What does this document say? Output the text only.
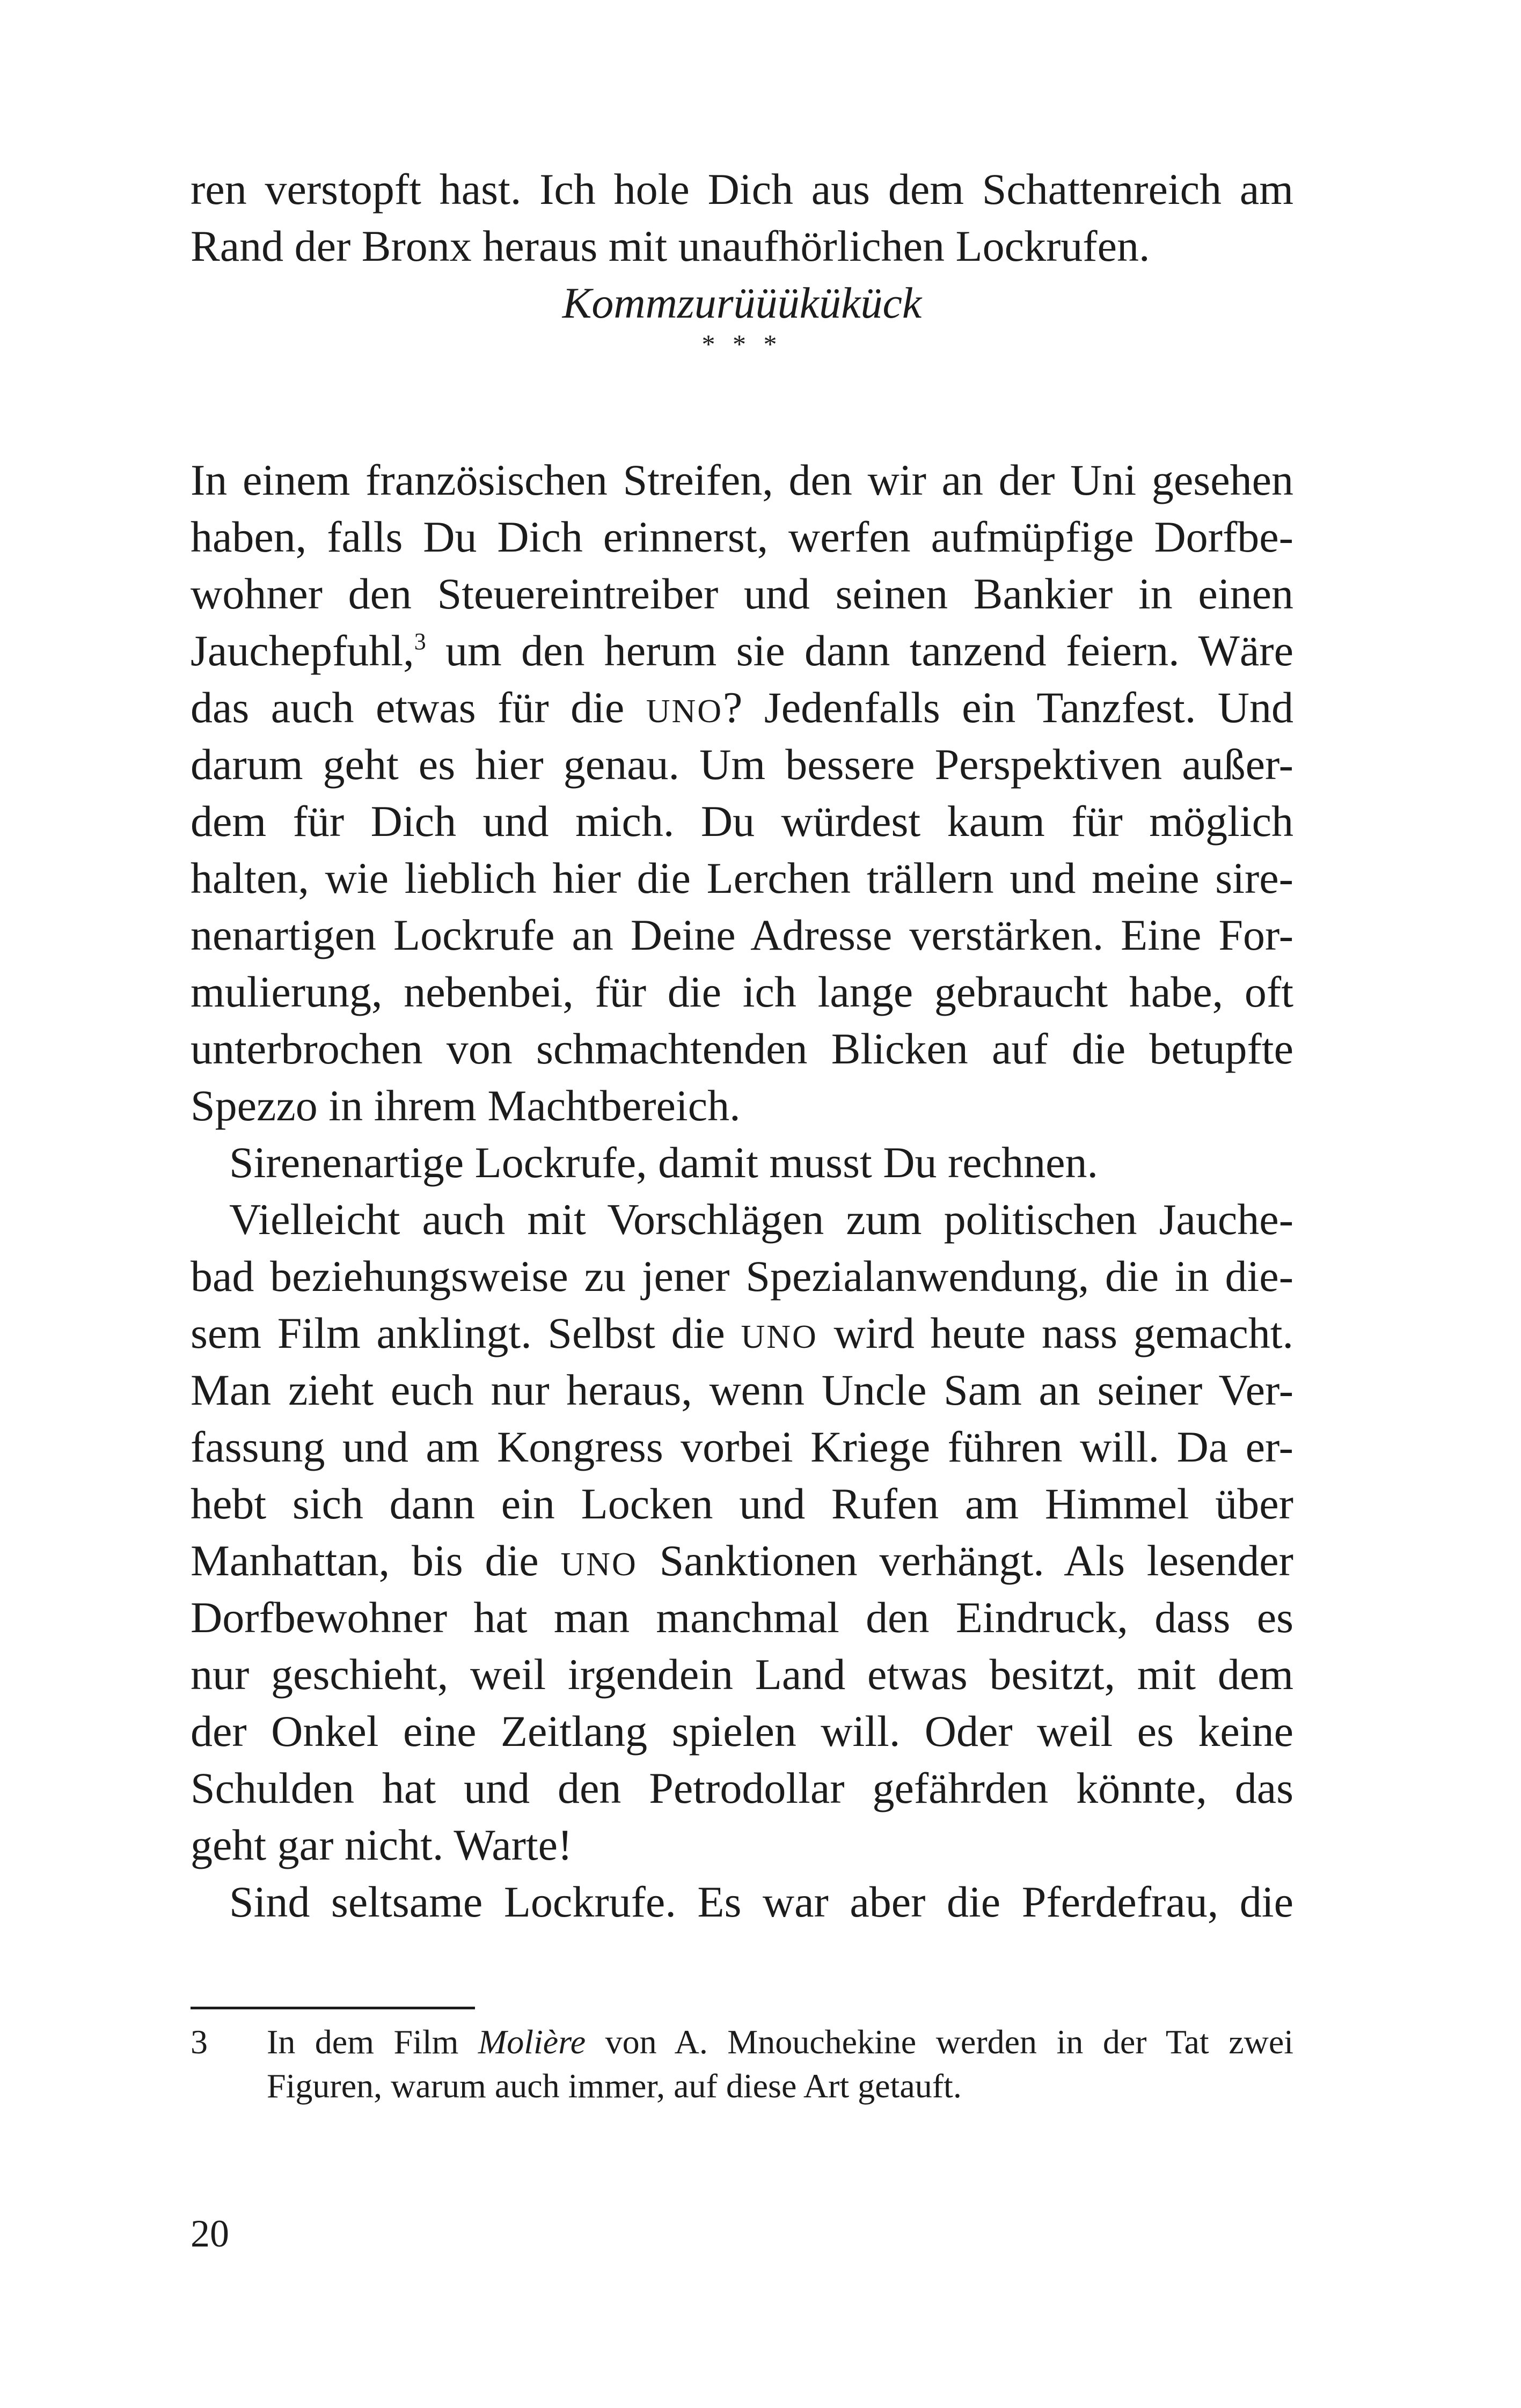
ren verstopft hast. Ich hole Dich aus dem Schattenreich am
Rand der Bronx heraus mit unaufhörlichen Lockrufen.
Kommzurüüükükück
* * *
In einem französischen Streifen, den wir an der Uni gesehen
haben, falls Du Dich erinnerst, werfen aufmüpfige Dorfbe-
wohner den Steuereintreiber und seinen Bankier in einen
Jauchepfuhl,$^3$ um den herum sie dann tanzend feiern. Wäre
das auch etwas für die UNO? Jedenfalls ein Tanzfest. Und
darum geht es hier genau. Um bessere Perspektiven außer-
dem für Dich und mich. Du würdest kaum für möglich
halten, wie lieblich hier die Lerchen trällern und meine sire-
nenartigen Lockrufe an Deine Adresse verstärken. Eine For-
mulierung, nebenbei, für die ich lange gebraucht habe, oft
unterbrochen von schmachtenden Blicken auf die betupfte
Spezzo in ihrem Machtbereich.
Sirenenartige Lockrufe, damit musst Du rechnen.
Vielleicht auch mit Vorschlägen zum politischen Jauche-
bad beziehungsweise zu jener Spezialanwendung, die in die-
sem Film anklingt. Selbst die UNO wird heute nass gemacht.
Man zieht euch nur heraus, wenn Uncle Sam an seiner Ver-
fassung und am Kongress vorbei Kriege führen will. Da er-
hebt sich dann ein Locken und Rufen am Himmel über
Manhattan, bis die UNO Sanktionen verhängt. Als lesender
Dorfbewohner hat man manchmal den Eindruck, dass es
nur geschieht, weil irgendein Land etwas besitzt, mit dem
der Onkel eine Zeitlang spielen will. Oder weil es keine
Schulden hat und den Petrodollar gefährden könnte, das
geht gar nicht. Warte!
Sind seltsame Lockrufe. Es war aber die Pferdefrau, die
3 In dem Film Molière von A. Mnouchekine werden in der Tat zwei
Figuren, warum auch immer, auf diese Art getauft.
20
